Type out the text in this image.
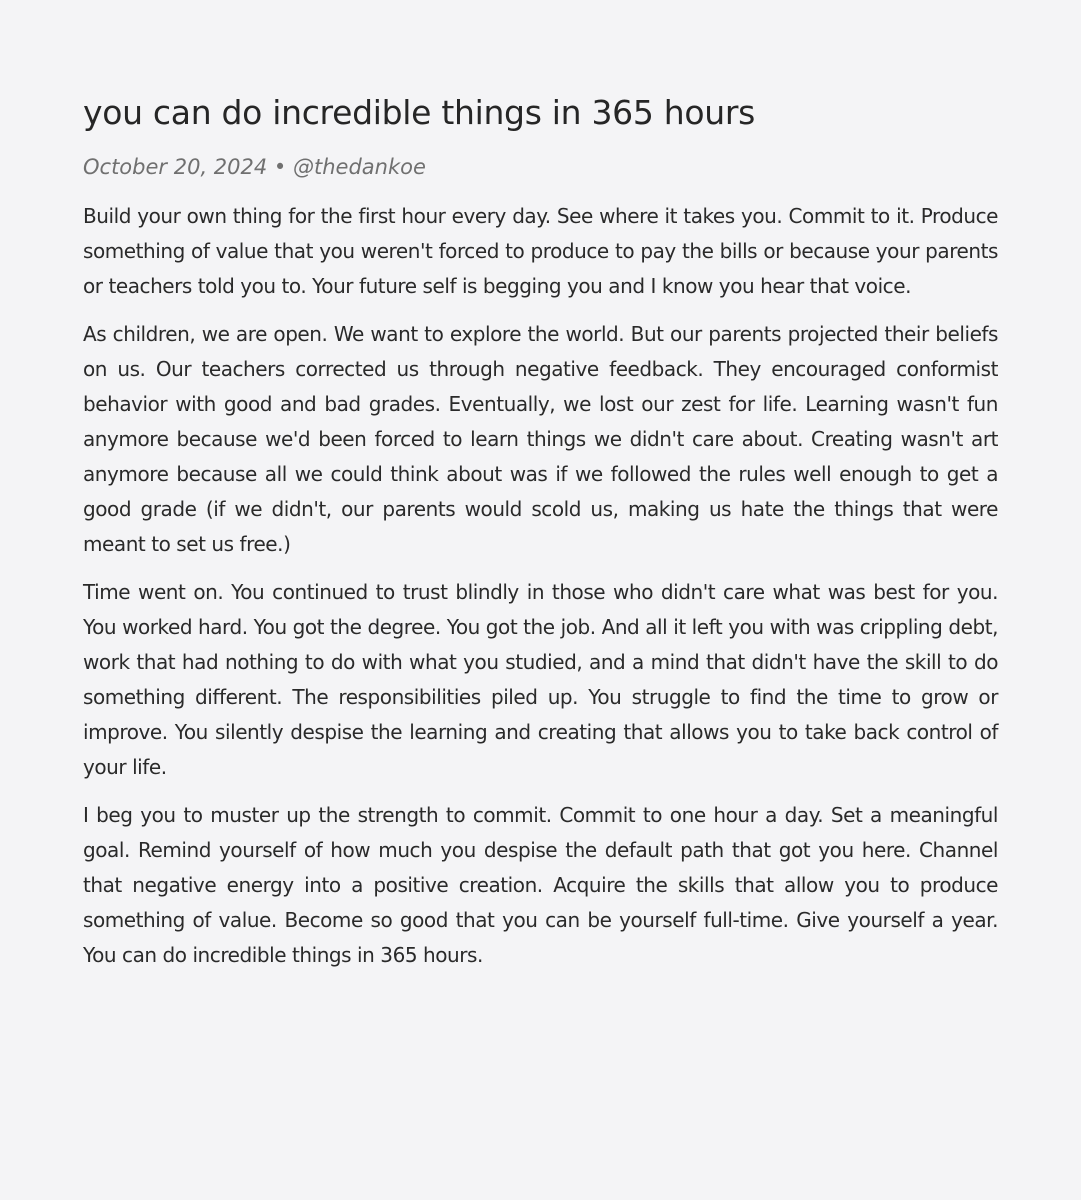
you can do incredible things in 365 hours
October 20, 2024 • @thedankoe

Build your own thing for the first hour every day. See where it takes you. Commit to it. Produce something of value that you weren't forced to produce to pay the bills or because your parents or teachers told you to. Your future self is begging you and I know you hear that voice.

As children, we are open. We want to explore the world. But our parents projected their beliefs on us. Our teachers corrected us through negative feedback. They encouraged conformist behavior with good and bad grades. Eventually, we lost our zest for life. Learning wasn't fun anymore because we'd been forced to learn things we didn't care about. Creating wasn't art anymore because all we could think about was if we followed the rules well enough to get a good grade (if we didn't, our parents would scold us, making us hate the things that were meant to set us free.)

Time went on. You continued to trust blindly in those who didn't care what was best for you. You worked hard. You got the degree. You got the job. And all it left you with was crippling debt, work that had nothing to do with what you studied, and a mind that didn't have the skill to do something different. The responsibilities piled up. You struggle to find the time to grow or improve. You silently despise the learning and creating that allows you to take back control of your life.

I beg you to muster up the strength to commit. Commit to one hour a day. Set a meaningful goal. Remind yourself of how much you despise the default path that got you here. Channel that negative energy into a positive creation. Acquire the skills that allow you to produce something of value. Become so good that you can be yourself full-time. Give yourself a year. You can do incredible things in 365 hours.
